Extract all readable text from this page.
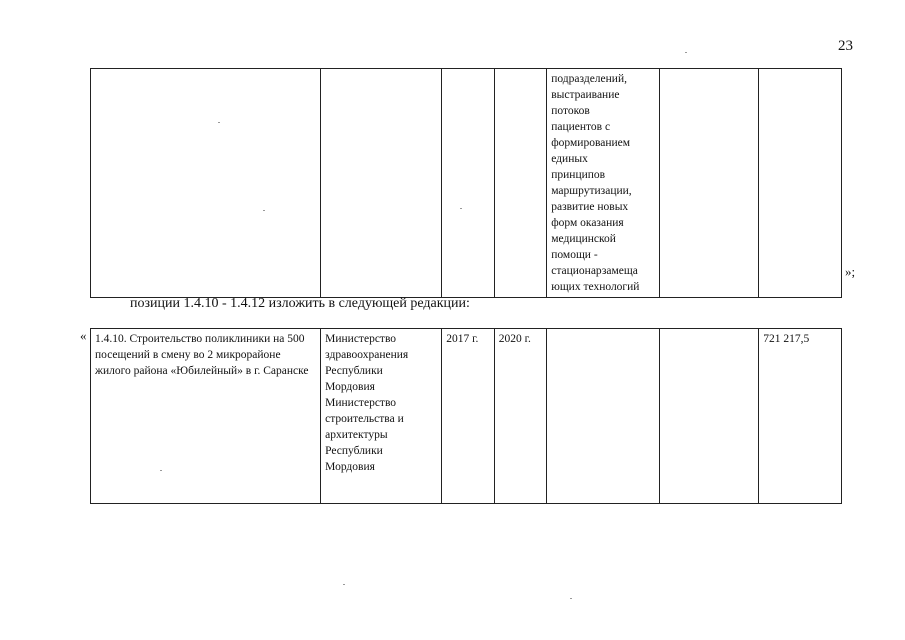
23
				подразделений,
выстраивание
потоков
пациентов с
формированием
единых
принципов
маршрутизации,
развитие новых
форм оказания
медицинской
помощи -
стационарзамеща
ющих технологий		
»;
позиции 1.4.10 - 1.4.12 изложить в следующей редакции:
« 1.4.10. Строительство поликлиники на 500 посещений в смену во 2 микрорайоне жилого района «Юбилейный» в г. Саранске	Министерство
здравоохранения
Республики
Мордовия
Министерство
строительства и
архитектуры
Республики
Мордовия	2017 г.	2020 г.			721 217,5
